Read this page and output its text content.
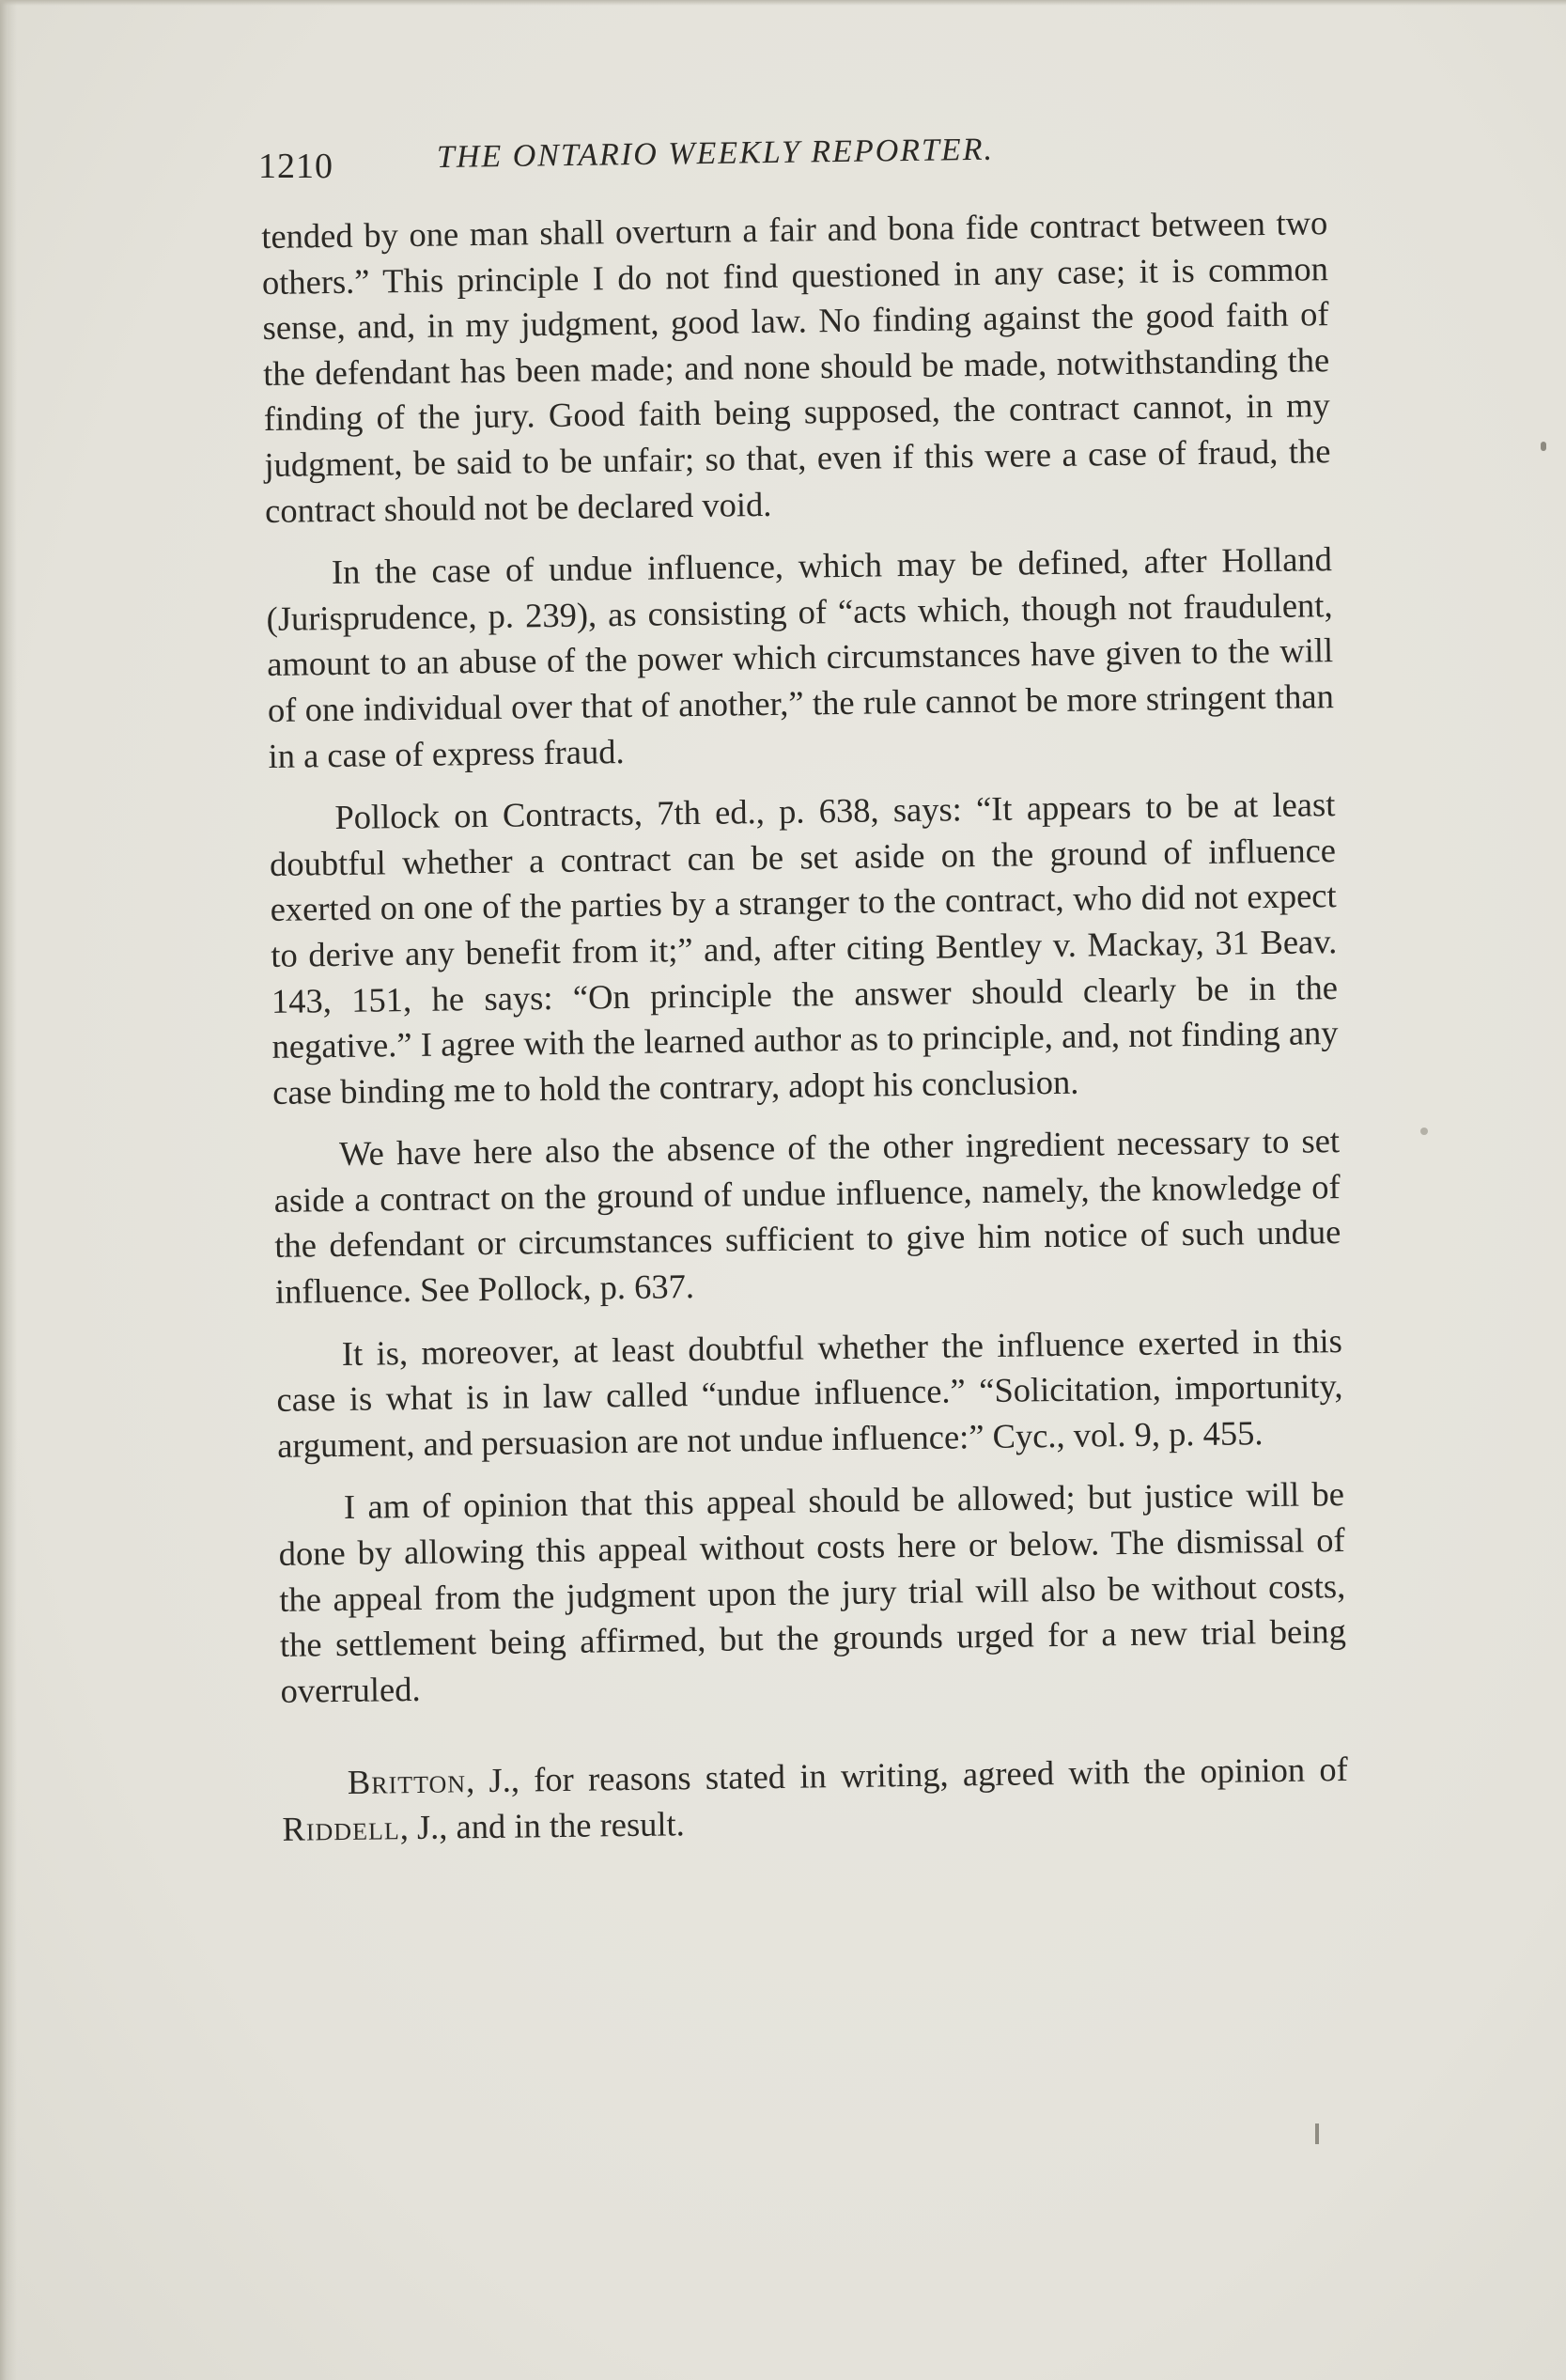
1210	THE ONTARIO WEEKLY REPORTER.

tended by one man shall overturn a fair and bona fide contract between two others.” This principle I do not find questioned in any case; it is common sense, and, in my judgment, good law. No finding against the good faith of the defendant has been made; and none should be made, notwithstanding the finding of the jury. Good faith being supposed, the contract cannot, in my judgment, be said to be unfair; so that, even if this were a case of fraud, the contract should not be declared void.

In the case of undue influence, which may be defined, after Holland (Jurisprudence, p. 239), as consisting of “acts which, though not fraudulent, amount to an abuse of the power which circumstances have given to the will of one individual over that of another,” the rule cannot be more stringent than in a case of express fraud.

Pollock on Contracts, 7th ed., p. 638, says: “It appears to be at least doubtful whether a contract can be set aside on the ground of influence exerted on one of the parties by a stranger to the contract, who did not expect to derive any benefit from it;” and, after citing Bentley v. Mackay, 31 Beav. 143, 151, he says: “On principle the answer should clearly be in the negative.” I agree with the learned author as to principle, and, not finding any case binding me to hold the contrary, adopt his conclusion.

We have here also the absence of the other ingredient necessary to set aside a contract on the ground of undue influence, namely, the knowledge of the defendant or circumstances sufficient to give him notice of such undue influence. See Pollock, p. 637.

It is, moreover, at least doubtful whether the influence exerted in this case is what is in law called “undue influence.” “Solicitation, importunity, argument, and persuasion are not undue influence:” Cyc., vol. 9, p. 455.

I am of opinion that this appeal should be allowed; but justice will be done by allowing this appeal without costs here or below. The dismissal of the appeal from the judgment upon the jury trial will also be without costs, the settlement being affirmed, but the grounds urged for a new trial being overruled.

Britton, J., for reasons stated in writing, agreed with the opinion of Riddell, J., and in the result.
